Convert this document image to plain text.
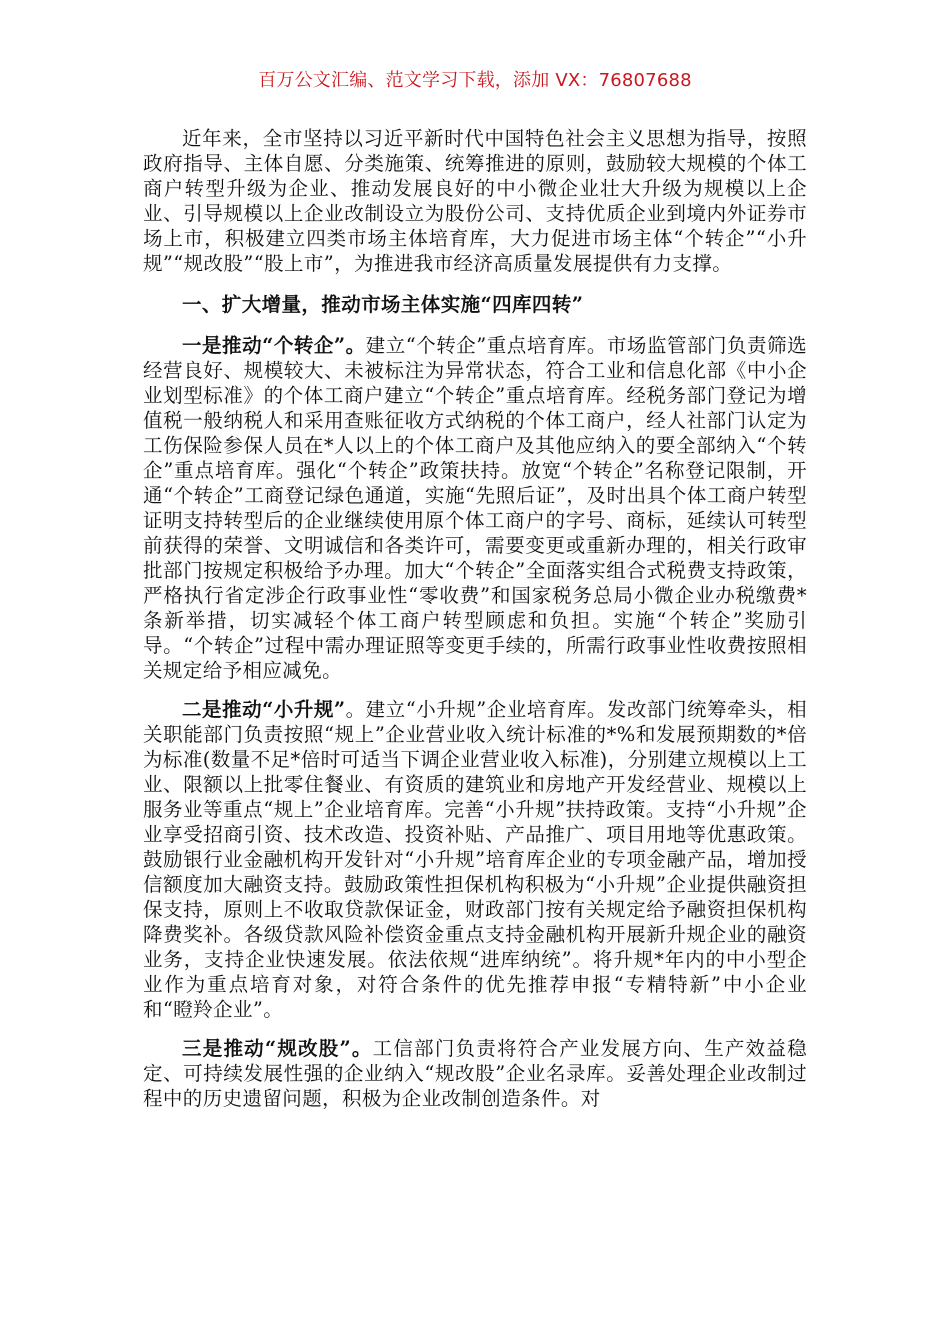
百万公文汇编、范文学习下载，添加 VX：76807688

近年来，全市坚持以习近平新时代中国特色社会主义思想为指导，按照政府指导、主体自愿、分类施策、统筹推进的原则，鼓励较大规模的个体工商户转型升级为企业、推动发展良好的中小微企业壮大升级为规模以上企业、引导规模以上企业改制设立为股份公司、支持优质企业到境内外证券市场上市，积极建立四类市场主体培育库，大力促进市场主体“个转企”“小升规”“规改股”“股上市”，为推进我市经济高质量发展提供有力支撑。

一、扩大增量，推动市场主体实施“四库四转”

一是推动“个转企”。建立“个转企”重点培育库。市场监管部门负责筛选经营良好、规模较大、未被标注为异常状态，符合工业和信息化部《中小企业划型标准》的个体工商户建立“个转企”重点培育库。经税务部门登记为增值税一般纳税人和采用查账征收方式纳税的个体工商户，经人社部门认定为工伤保险参保人员在*人以上的个体工商户及其他应纳入的要全部纳入“个转企”重点培育库。强化“个转企”政策扶持。放宽“个转企”名称登记限制，开通“个转企”工商登记绿色通道，实施“先照后证”，及时出具个体工商户转型证明支持转型后的企业继续使用原个体工商户的字号、商标，延续认可转型前获得的荣誉、文明诚信和各类许可，需要变更或重新办理的，相关行政审批部门按规定积极给予办理。加大“个转企”全面落实组合式税费支持政策，严格执行省定涉企行政事业性“零收费”和国家税务总局小微企业办税缴费*条新举措，切实减轻个体工商户转型顾虑和负担。实施“个转企”奖励引导。“个转企”过程中需办理证照等变更手续的，所需行政事业性收费按照相关规定给予相应减免。

二是推动“小升规”。建立“小升规”企业培育库。发改部门统筹牵头，相关职能部门负责按照“规上”企业营业收入统计标准的*%和发展预期数的*倍为标准(数量不足*倍时可适当下调企业营业收入标准)，分别建立规模以上工业、限额以上批零住餐业、有资质的建筑业和房地产开发经营业、规模以上服务业等重点“规上”企业培育库。完善“小升规”扶持政策。支持“小升规”企业享受招商引资、技术改造、投资补贴、产品推广、项目用地等优惠政策。鼓励银行业金融机构开发针对“小升规”培育库企业的专项金融产品，增加授信额度加大融资支持。鼓励政策性担保机构积极为“小升规”企业提供融资担保支持，原则上不收取贷款保证金，财政部门按有关规定给予融资担保机构降费奖补。各级贷款风险补偿资金重点支持金融机构开展新升规企业的融资业务，支持企业快速发展。依法依规“进库纳统”。将升规*年内的中小型企业作为重点培育对象，对符合条件的优先推荐申报“专精特新”中小企业和“瞪羚企业”。

三是推动“规改股”。工信部门负责将符合产业发展方向、生产效益稳定、可持续发展性强的企业纳入“规改股”企业名录库。妥善处理企业改制过程中的历史遗留问题，积极为企业改制创造条件。对
